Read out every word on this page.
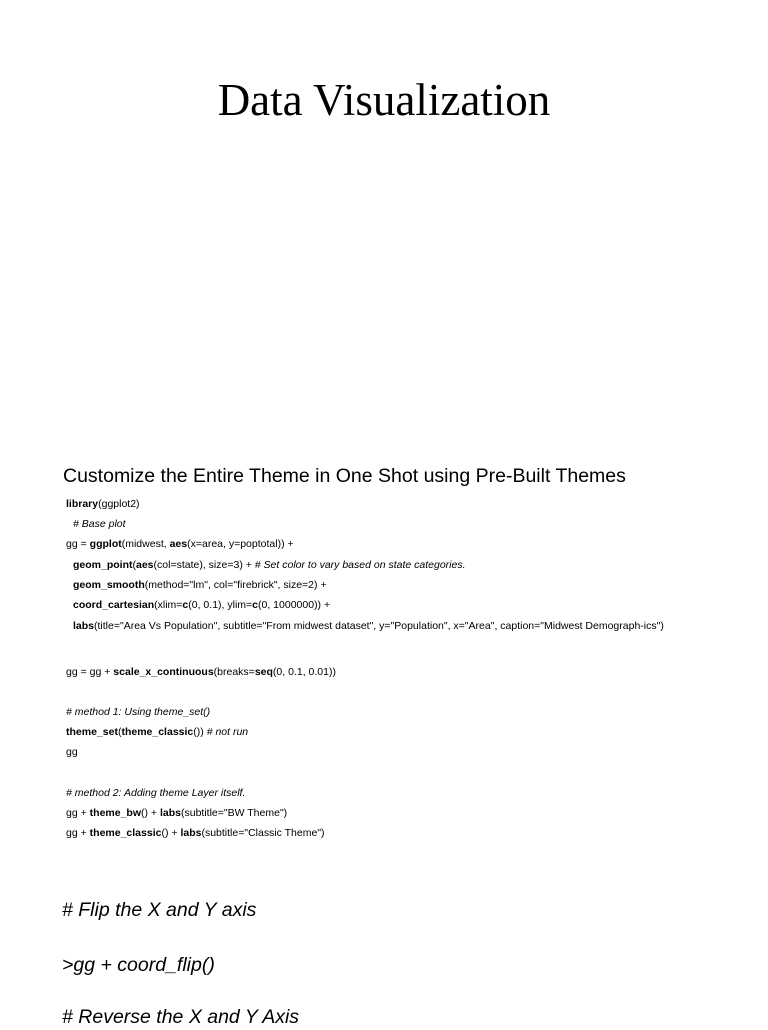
Data Visualization
Customize the Entire Theme in One Shot using Pre-Built Themes
library(ggplot2)
# Base plot
gg = ggplot(midwest, aes(x=area, y=poptotal)) +
geom_point(aes(col=state), size=3) + # Set color to vary based on state categories.
geom_smooth(method="lm", col="firebrick", size=2) +
coord_cartesian(xlim=c(0, 0.1), ylim=c(0, 1000000)) +
labs(title="Area Vs Population", subtitle="From midwest dataset", y="Population", x="Area", caption="Midwest Demograph-ics")
gg = gg + scale_x_continuous(breaks=seq(0, 0.1, 0.01))
# method 1: Using theme_set()
theme_set(theme_classic()) # not run
gg
# method 2: Adding theme Layer itself.
gg + theme_bw() + labs(subtitle="BW Theme")
gg + theme_classic() + labs(subtitle="Classic Theme")
# Flip the X and Y axis
>gg + coord_flip()
# Reverse the X and Y Axis
